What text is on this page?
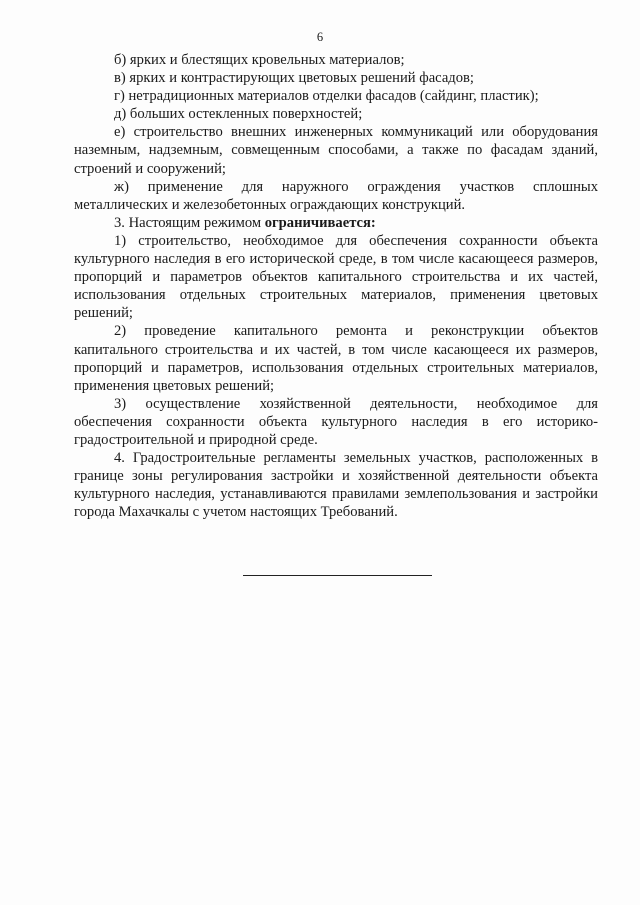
6

б) ярких и блестящих кровельных материалов;

в) ярких и контрастирующих цветовых решений фасадов;

г) нетрадиционных материалов отделки фасадов (сайдинг, пластик);

д) больших остекленных поверхностей;

е) строительство внешних инженерных коммуникаций или оборудования наземным, надземным, совмещенным способами, а также по фасадам зданий, строений и сооружений;

ж) применение для наружного ограждения участков сплошных металлических и железобетонных ограждающих конструкций.

3. Настоящим режимом ограничивается:

1) строительство, необходимое для обеспечения сохранности объекта культурного наследия в его исторической среде, в том числе касающееся размеров, пропорций и параметров объектов капитального строительства и их частей, использования отдельных строительных материалов, применения цветовых решений;

2) проведение капитального ремонта и реконструкции объектов капитального строительства и их частей, в том числе касающееся их размеров, пропорций и параметров, использования отдельных строительных материалов, применения цветовых решений;

3) осуществление хозяйственной деятельности, необходимое для обеспечения сохранности объекта культурного наследия в его историко-градостроительной и природной среде.

4. Градостроительные регламенты земельных участков, расположенных в границе зоны регулирования застройки и хозяйственной деятельности объекта культурного наследия, устанавливаются правилами землепользования и застройки города Махачкалы с учетом настоящих Требований.
